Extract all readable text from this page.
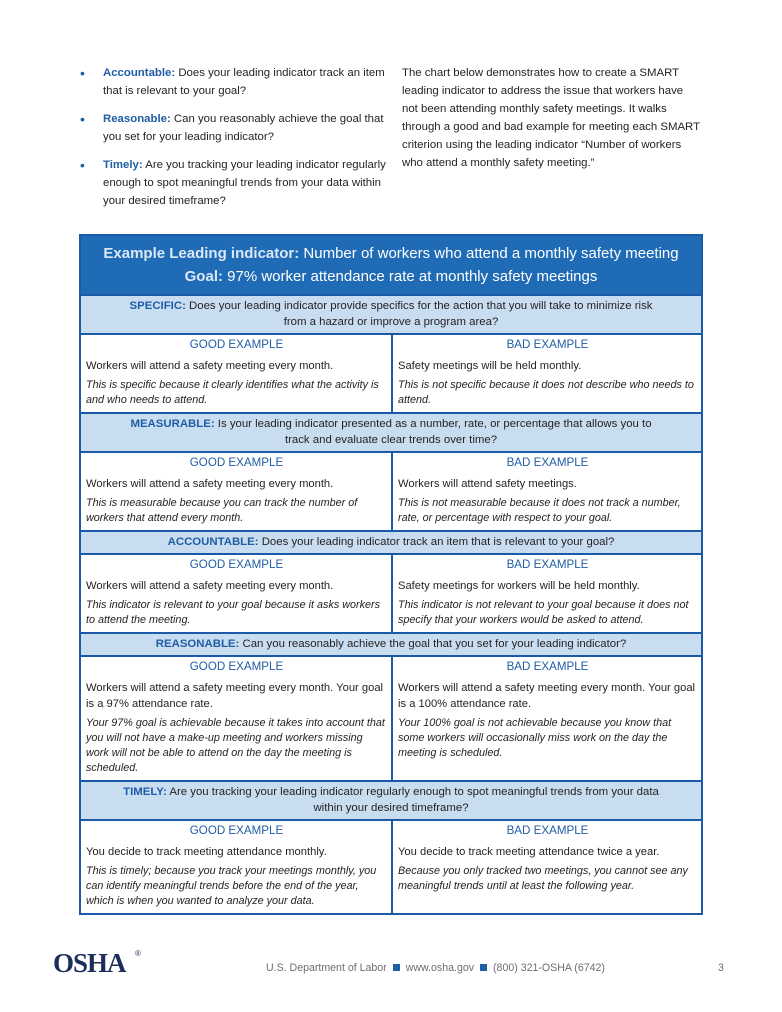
• Accountable: Does your leading indicator track an item that is relevant to your goal?
• Reasonable: Can you reasonably achieve the goal that you set for your leading indicator?
• Timely: Are you tracking your leading indicator regularly enough to spot meaningful trends from your data within your desired timeframe?

The chart below demonstrates how to create a SMART leading indicator to address the issue that workers have not been attending monthly safety meetings. It walks through a good and bad example for meeting each SMART criterion using the leading indicator “Number of workers who attend a monthly safety meeting.”

Example Leading indicator: Number of workers who attend a monthly safety meeting
Goal: 97% worker attendance rate at monthly safety meetings
SPECIFIC: Does your leading indicator provide specifics for the action that you will take to minimize risk from a hazard or improve a program area?
GOOD EXAMPLE
Workers will attend a safety meeting every month.
This is specific because it clearly identifies what the activity is and who needs to attend.
BAD EXAMPLE
Safety meetings will be held monthly.
This is not specific because it does not describe who needs to attend.
MEASURABLE: Is your leading indicator presented as a number, rate, or percentage that allows you to track and evaluate clear trends over time?
GOOD EXAMPLE
Workers will attend a safety meeting every month.
This is measurable because you can track the number of workers that attend every month.
BAD EXAMPLE
Workers will attend safety meetings.
This is not measurable because it does not track a number, rate, or percentage with respect to your goal.
ACCOUNTABLE: Does your leading indicator track an item that is relevant to your goal?
GOOD EXAMPLE
Workers will attend a safety meeting every month.
This indicator is relevant to your goal because it asks workers to attend the meeting.
BAD EXAMPLE
Safety meetings for workers will be held monthly.
This indicator is not relevant to your goal because it does not specify that your workers would be asked to attend.
REASONABLE: Can you reasonably achieve the goal that you set for your leading indicator?
GOOD EXAMPLE
Workers will attend a safety meeting every month. Your goal is a 97% attendance rate.
Your 97% goal is achievable because it takes into account that you will not have a make-up meeting and workers missing work will not be able to attend on the day the meeting is scheduled.
BAD EXAMPLE
Workers will attend a safety meeting every month. Your goal is a 100% attendance rate.
Your 100% goal is not achievable because you know that some workers will occasionally miss work on the day the meeting is scheduled.
TIMELY: Are you tracking your leading indicator regularly enough to spot meaningful trends from your data within your desired timeframe?
GOOD EXAMPLE
You decide to track meeting attendance monthly.
This is timely; because you track your meetings monthly, you can identify meaningful trends before the end of the year, which is when you wanted to analyze your data.
BAD EXAMPLE
You decide to track meeting attendance twice a year.
Because you only tracked two meetings, you cannot see any meaningful trends until at least the following year.
OSHA ®
U.S. Department of Labor www.osha.gov (800) 321-OSHA (6742)	3
